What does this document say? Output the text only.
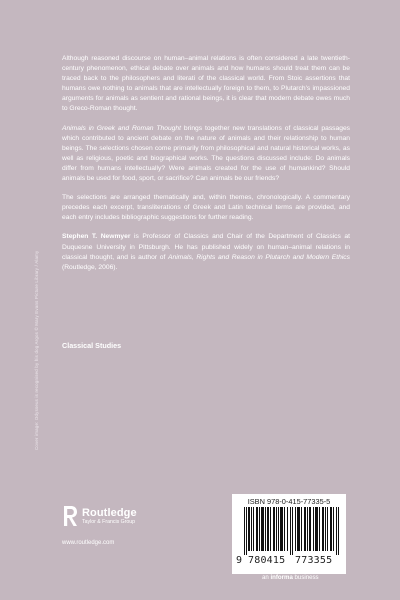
Cover image: Odysseus is recognised by his dog Argos © Mary Evans Picture Library / Alamy

Although reasoned discourse on human–animal relations is often considered a late twentieth-century phenomenon, ethical debate over animals and how humans should treat them can be traced back to the philosophers and literati of the classical world. From Stoic assertions that humans owe nothing to animals that are intellectually foreign to them, to Plutarch's impassioned arguments for animals as sentient and rational beings, it is clear that modern debate owes much to Greco-Roman thought.

Animals in Greek and Roman Thought brings together new translations of classical passages which contributed to ancient debate on the nature of animals and their relationship to human beings. The selections chosen come primarily from philosophical and natural historical works, as well as religious, poetic and biographical works. The questions discussed include: Do animals differ from humans intellectually? Were animals created for the use of humankind? Should animals be used for food, sport, or sacrifice? Can animals be our friends?

The selections are arranged thematically and, within themes, chronologically. A commentary precedes each excerpt, transliterations of Greek and Latin technical terms are provided, and each entry includes bibliographic suggestions for further reading.

Stephen T. Newmyer is Professor of Classics and Chair of the Department of Classics at Duquesne University in Pittsburgh. He has published widely on human–animal relations in classical thought, and is author of Animals, Rights and Reason in Plutarch and Modern Ethics (Routledge, 2006).

Classical Studies
Routledge
Taylor & Francis Group
www.routledge.com
ISBN 978-0-415-77335-5
9 780415 773355
an informa business
